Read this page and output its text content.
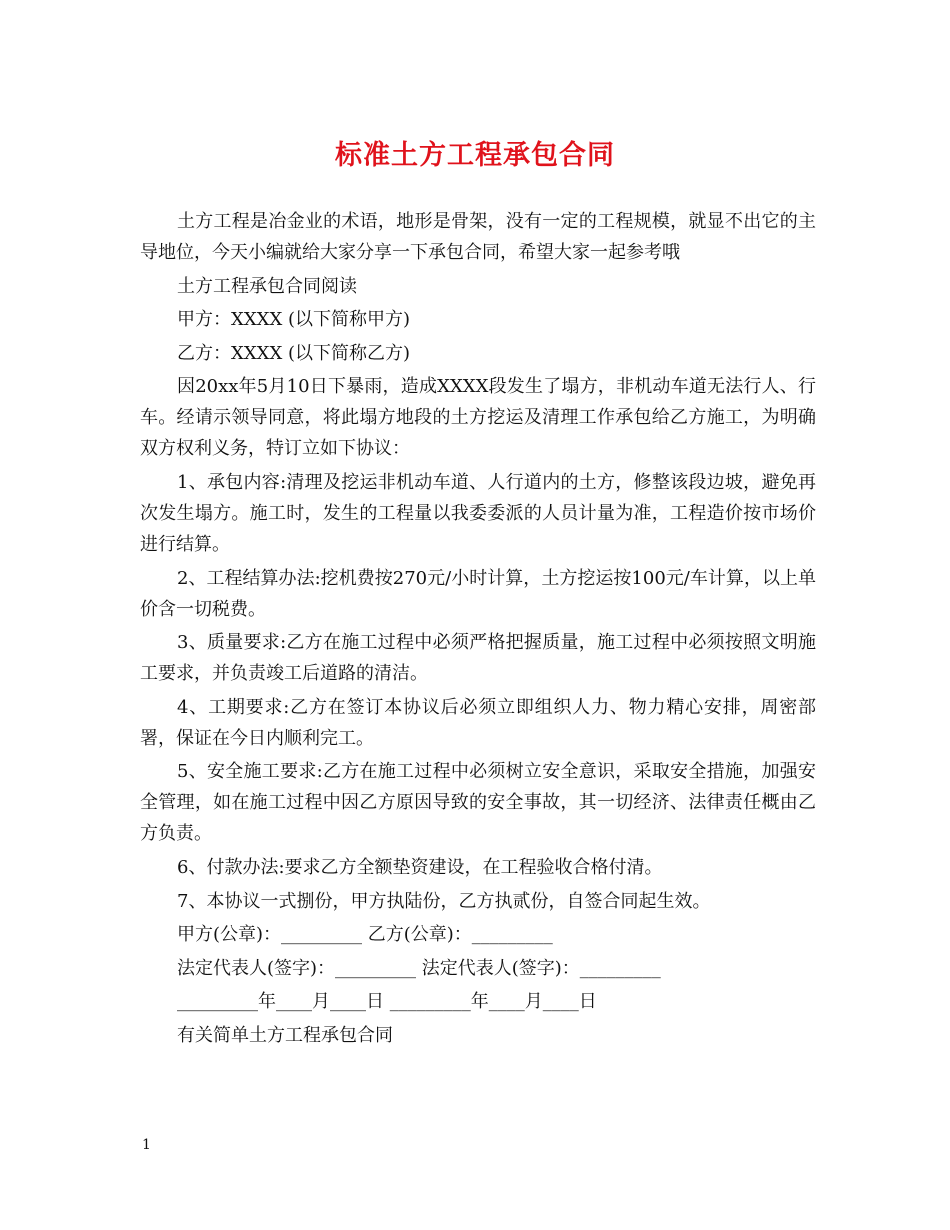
标准土方工程承包合同

土方工程是冶金业的术语，地形是骨架，没有一定的工程规模，就显不出它的主导地位，今天小编就给大家分享一下承包合同，希望大家一起参考哦

土方工程承包合同阅读

甲方：XXXX (以下简称甲方)

乙方：XXXX (以下简称乙方)

因20xx年5月10日下暴雨，造成XXXX段发生了塌方，非机动车道无法行人、行车。经请示领导同意，将此塌方地段的土方挖运及清理工作承包给乙方施工，为明确双方权利义务，特订立如下协议：

1、承包内容:清理及挖运非机动车道、人行道内的土方，修整该段边坡，避免再次发生塌方。施工时，发生的工程量以我委委派的人员计量为准，工程造价按市场价进行结算。

2、工程结算办法:挖机费按270元/小时计算，土方挖运按100元/车计算，以上单价含一切税费。

3、质量要求:乙方在施工过程中必须严格把握质量，施工过程中必须按照文明施工要求，并负责竣工后道路的清洁。

4、工期要求:乙方在签订本协议后必须立即组织人力、物力精心安排，周密部署，保证在今日内顺利完工。

5、安全施工要求:乙方在施工过程中必须树立安全意识，采取安全措施，加强安全管理，如在施工过程中因乙方原因导致的安全事故，其一切经济、法律责任概由乙方负责。

6、付款办法:要求乙方全额垫资建设，在工程验收合格付清。

7、本协议一式捌份，甲方执陆份，乙方执贰份，自签合同起生效。

甲方(公章)：_________ 乙方(公章)：_________

法定代表人(签字)：_________ 法定代表人(签字)：_________

_________年____月____日 _________年____月____日

有关简单土方工程承包合同

1
